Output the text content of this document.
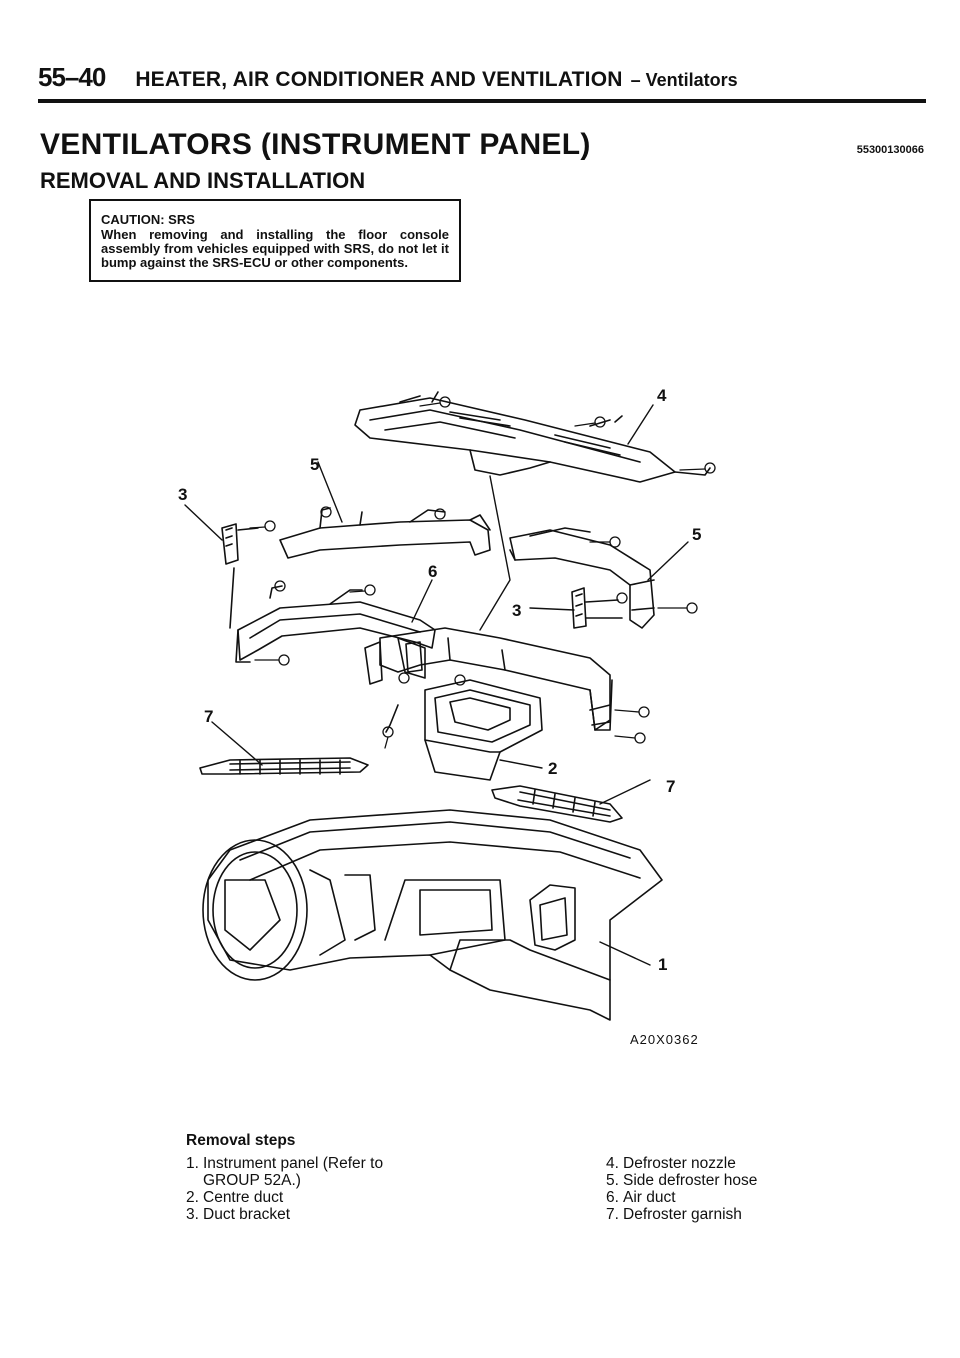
55–40 HEATER, AIR CONDITIONER AND VENTILATION – Ventilators
VENTILATORS (INSTRUMENT PANEL)	55300130066
REMOVAL AND INSTALLATION
CAUTION: SRS
When removing and installing the floor console assembly from vehicles equipped with SRS, do not let it bump against the SRS-ECU or other components.
4
5
3
5
6
3
7
2
7
1
A20X0362
Removal steps
1. Instrument panel (Refer to GROUP 52A.)
2. Centre duct
3. Duct bracket
4. Defroster nozzle
5. Side defroster hose
6. Air duct
7. Defroster garnish
